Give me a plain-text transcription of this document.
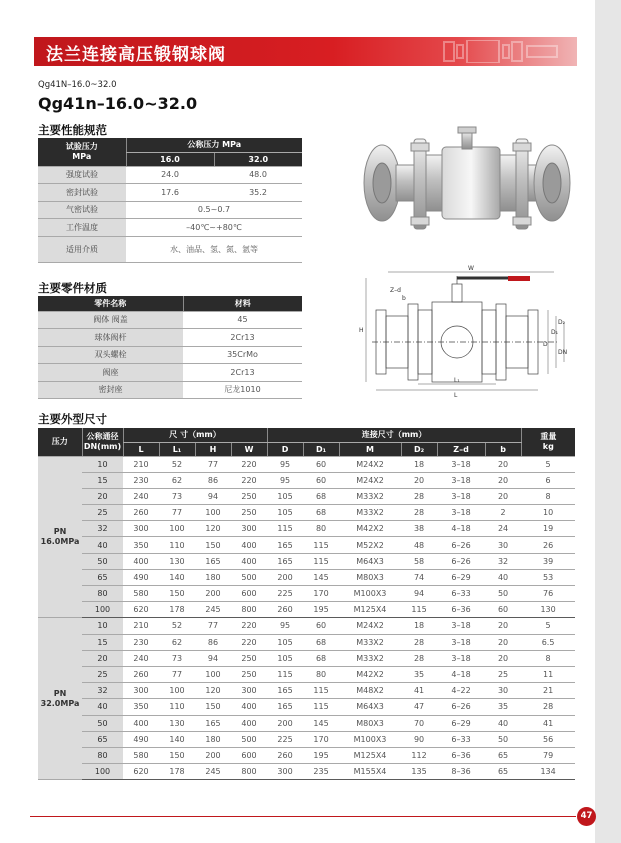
法兰连接高压锻钢球阀
Qg41N–16.0~32.0
Qg41n–16.0~32.0
主要性能规范
试验压力
MPa	公称压力 MPa	
	16.0	32.0
强度试验	24.0	48.0
密封试验	17.6	35.2
气密试验	0.5~0.7	
工作温度	–40℃~+80℃	
适用介质	水、油品、氢、氮、氩等	
主要零件材质
零件名称	材料
阀体 阀盖	45
球体阀杆	2Cr13
双头螺栓	35CrMo
阀座	2Cr13
密封座	尼龙1010
H
W
Z–d
L₁
L
b
D
D₁
D₂
DN
主要外型尺寸
压力	公称通径
DN(mm)	尺 寸（mm）				连接尺寸（mm）						重量
kg
		L	L₁	H	W	D	D₁	M	D₂	Z–d	b	
PN
16.0MPa	10	210	52	77	220	95	60	M24X2	18	3–18	20	5
	15	230	62	86	220	95	60	M24X2	20	3–18	20	6
	20	240	73	94	250	105	68	M33X2	28	3–18	20	8
	25	260	77	100	250	105	68	M33X2	28	3–18	2	10
	32	300	100	120	300	115	80	M42X2	38	4–18	24	19
	40	350	110	150	400	165	115	M52X2	48	6–26	30	26
	50	400	130	165	400	165	115	M64X3	58	6–26	32	39
	65	490	140	180	500	200	145	M80X3	74	6–29	40	53
	80	580	150	200	600	225	170	M100X3	94	6–33	50	76
	100	620	178	245	800	260	195	M125X4	115	6–36	60	130
PN
32.0MPa	10	210	52	77	220	95	60	M24X2	18	3–18	20	5
	15	230	62	86	220	105	68	M33X2	28	3–18	20	6.5
	20	240	73	94	250	105	68	M33X2	28	3–18	20	8
	25	260	77	100	250	115	80	M42X2	35	4–18	25	11
	32	300	100	120	300	165	115	M48X2	41	4–22	30	21
	40	350	110	150	400	165	115	M64X3	47	6–26	35	28
	50	400	130	165	400	200	145	M80X3	70	6–29	40	41
	65	490	140	180	500	225	170	M100X3	90	6–33	50	56
	80	580	150	200	600	260	195	M125X4	112	6–36	65	79
	100	620	178	245	800	300	235	M155X4	135	8–36	65	134
47
